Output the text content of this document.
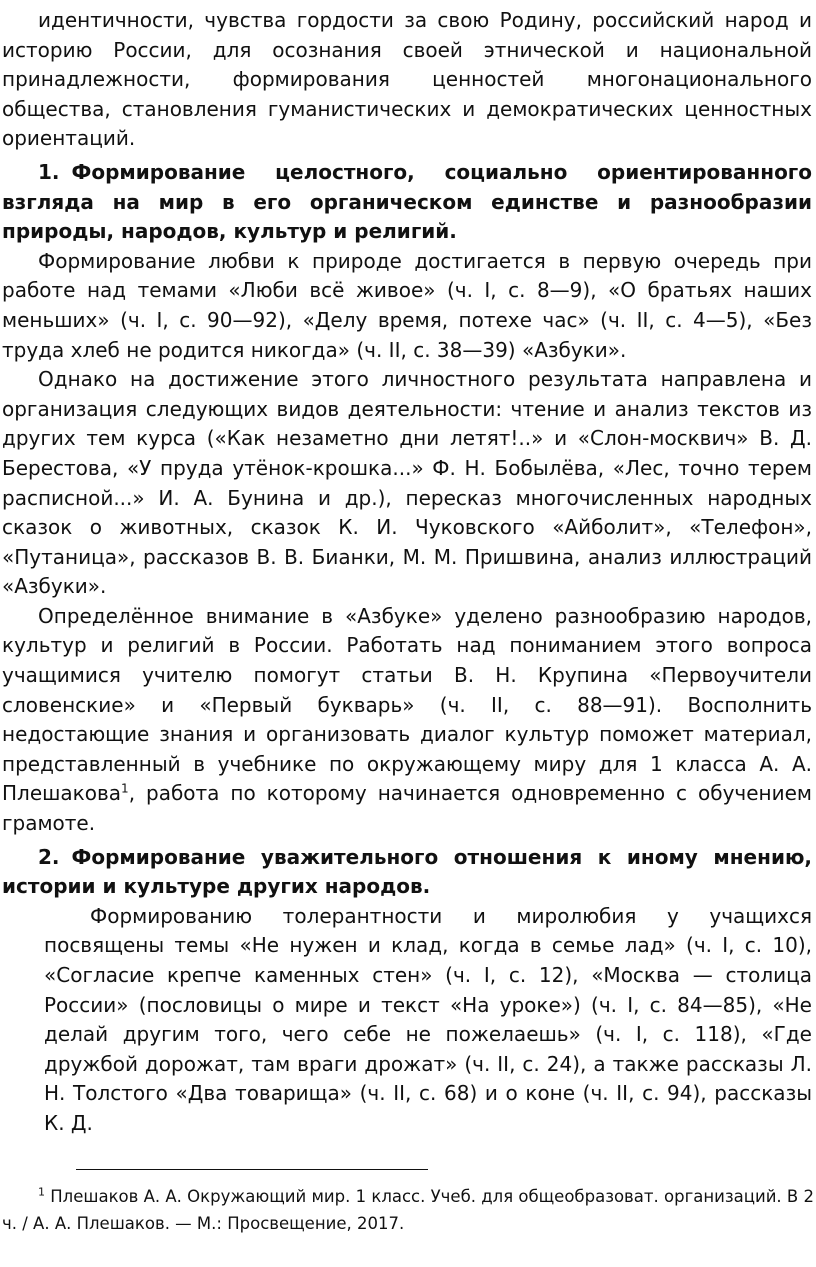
идентичности, чувства гордости за свою Родину, российский народ и историю России, для осознания своей этнической и национальной принадлежности, формирования ценностей многонационального общества, становления гуманистических и демократических ценностных ориентаций.

1. Формирование целостного, социально ориентированного взгляда на мир в его органическом единстве и разнообразии природы, народов, культур и религий.

Формирование любви к природе достигается в первую очередь при работе над темами «Люби всё живое» (ч. I, с. 8—9), «О братьях наших меньших» (ч. I, с. 90—92), «Делу время, потехе час» (ч. II, с. 4—5), «Без труда хлеб не родится никогда» (ч. II, с. 38—39) «Азбуки».

Однако на достижение этого личностного результата направлена и организация следующих видов деятельности: чтение и анализ текстов из других тем курса («Как незаметно дни летят!..» и «Слон-москвич» В. Д. Берестова, «У пруда утёнок-крошка...» Ф. Н. Бобылёва, «Лес, точно терем расписной...» И. А. Бунина и др.), пересказ многочисленных народных сказок о животных, сказок К. И. Чуковского «Айболит», «Телефон», «Путаница», рассказов В. В. Бианки, М. М. Пришвина, анализ иллюстраций «Азбуки».

Определённое внимание в «Азбуке» уделено разнообразию народов, культур и религий в России. Работать над пониманием этого вопроса учащимися учителю помогут статьи В. Н. Крупина «Первоучители словенские» и «Первый букварь» (ч. II, с. 88—91). Восполнить недостающие знания и организовать диалог культур поможет материал, представленный в учебнике по окружающему миру для 1 класса А. А. Плешакова$^1$, работа по которому начинается одновременно с обучением грамоте.

2. Формирование уважительного отношения к иному мнению, истории и культуре других народов.

Формированию толерантности и миролюбия у учащихся посвящены темы «Не нужен и клад, когда в семье лад» (ч. I, с. 10), «Согласие крепче каменных стен» (ч. I, с. 12), «Москва — столица России» (пословицы о мире и текст «На уроке») (ч. I, с. 84—85), «Не делай другим того, чего себе не пожелаешь» (ч. I, с. 118), «Где дружбой дорожат, там враги дрожат» (ч. II, с. 24), а также рассказы Л. Н. Толстого «Два товарища» (ч. II, с. 68) и о коне (ч. II, с. 94), рассказы К. Д.

$^1$ Плешаков А. А. Окружающий мир. 1 класс. Учеб. для общеобразоват. организаций. В 2 ч. / А. А. Плешаков. — М.: Просвещение, 2017.
